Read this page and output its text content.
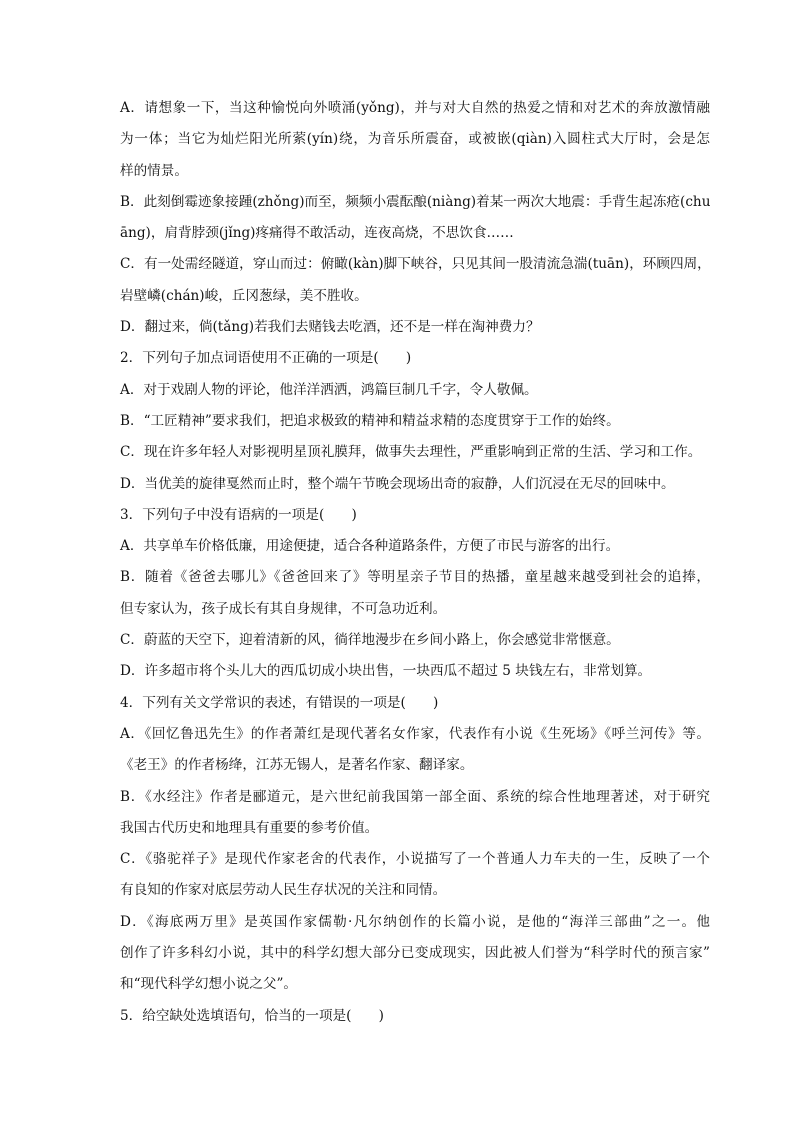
A．请想象一下，当这种愉悦向外喷涌(yǒng)，并与对大自然的热爱之情和对艺术的奔放激情融
为一体；当它为灿烂阳光所萦(yín)绕，为音乐所震奋，或被嵌(qiàn)入圆柱式大厅时，会是怎
样的情景。
B．此刻倒霉迹象接踵(zhǒng)而至，频频小震酝酿(niàng)着某一两次大地震：手背生起冻疮(chu
āng)，肩背脖颈(jǐng)疼痛得不敢活动，连夜高烧，不思饮食……
C．有一处需经隧道，穿山而过：俯瞰(kàn)脚下峡谷，只见其间一股清流急湍(tuān)，环顾四周，
岩壁嶙(chán)峻，丘冈葱绿，美不胜收。
D．翻过来，倘(tǎng)若我们去赌钱去吃酒，还不是一样在淘神费力？
2．下列句子加点词语使用不正确的一项是(　　)
A．对于戏剧人物的评论，他洋洋洒洒，鸿篇巨制几千字，令人敬佩。
B．“工匠精神”要求我们，把追求极致的精神和精益求精的态度贯穿于工作的始终。
C．现在许多年轻人对影视明星顶礼膜拜，做事失去理性，严重影响到正常的生活、学习和工作。
D．当优美的旋律戛然而止时，整个端午节晚会现场出奇的寂静，人们沉浸在无尽的回味中。
3．下列句子中没有语病的一项是(　　)
A．共享单车价格低廉，用途便捷，适合各种道路条件，方便了市民与游客的出行。
B．随着《爸爸去哪儿》《爸爸回来了》等明星亲子节目的热播，童星越来越受到社会的追捧，
但专家认为，孩子成长有其自身规律，不可急功近利。
C．蔚蓝的天空下，迎着清新的风，徜徉地漫步在乡间小路上，你会感觉非常惬意。
D．许多超市将个头儿大的西瓜切成小块出售，一块西瓜不超过 5 块钱左右，非常划算。
4．下列有关文学常识的表述，有错误的一项是(　　)
A．《回忆鲁迅先生》的作者萧红是现代著名女作家，代表作有小说《生死场》《呼兰河传》等。
《老王》的作者杨绛，江苏无锡人，是著名作家、翻译家。
B．《水经注》作者是郦道元，是六世纪前我国第一部全面、系统的综合性地理著述，对于研究
我国古代历史和地理具有重要的参考价值。
C．《骆驼祥子》是现代作家老舍的代表作，小说描写了一个普通人力车夫的一生，反映了一个
有良知的作家对底层劳动人民生存状况的关注和同情。
D．《海底两万里》是英国作家儒勒·凡尔纳创作的长篇小说，是他的“海洋三部曲”之一。他
创作了许多科幻小说，其中的科学幻想大部分已变成现实，因此被人们誉为“科学时代的预言家”
和“现代科学幻想小说之父”。
5．给空缺处选填语句，恰当的一项是(　　)
